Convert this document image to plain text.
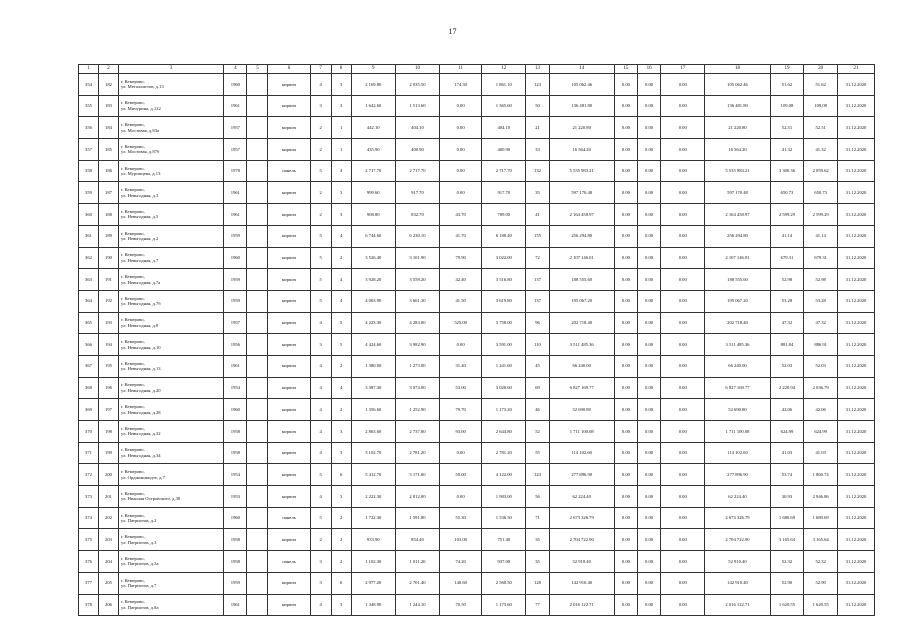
17
1	2	3	4	5	6	7	8	9	10	11	12	13	14	15	16	17	18	19	20	21
354	182	г. Кемерово,
ул. Металлистов, д.13	1960		кирпич	4	3	2 169.80	2 035.50	174.30	1 861.10	123	105 062.46	0.00	0.00	0.00	105 062.46	51.62	51.62	31.12.2020
355	183	г. Кемерово,
ул. Мичурина, д.132	1961		кирпич	3	3	1 642.60	1 513.60	0.00	1 365.60	50	136 481.80	0.00	0.00	0.00	136 481.80	109.08	109.08	31.12.2020
356	184	г. Кемерово,
ул. Мостовая, д.83а	1957		кирпич	2	1	442.10	404.10	0.00	404.10	21	21 220.80	0.00	0.00	0.00	21 220.80	52.51	52.51	31.12.2020
357	185	г. Кемерово,
ул. Мостовая, д.87б	1957		кирпич	2	1	435.90	400.90	0.00	400.90	33	16 564.20	0.00	0.00	0.00	16 564.20	41.32	41.32	31.12.2020
358	186	г. Кемерово,
ул. Муромцева, д.13	1978		панель	5	4	2 717.70	2 717.70	0.00	2 717.70	132	5 535 983.21	0.00	0.00	0.00	5 535 983.21	3 300.36	2 059.62	31.12.2020
359	187	г. Кемерово,
ул. Невьгодная, д.3	1961		кирпич	2	3	999.60	917.70	0.00	917.70	35	597 170.48	0.00	0.00	0.00	597 170.48	650.73	650.73	31.12.2020
360	188	г. Кемерово,
ул. Невьгодная, д.5	1961		кирпич	2	3	908.80	832.70	43.70	789.00	41	2 164 458.97	0.00	0.00	0.00	2 164 458.97	2 599.29	2 599.29	31.12.2020
361	189	г. Кемерово,
ул. Невьгодная, д.2	1959		кирпич	5	4	6 744.60	6 230.10	41.70	6 188.40	155	256 294.80	0.00	0.00	0.00	256 294.80	41.14	41.14	31.12.2020
362	190	г. Кемерово,
ул. Невьгодная, д.7	1960		кирпич	5	2	3 526.40	3 101.90	79.90	3 022.00	72	2 107 146.01	0.00	0.00	0.00	2 107 146.01	679.31	679.31	31.12.2020
363	191	г. Кемерово,
ул. Невьгодная, д.7а	1959		кирпич	5	4	3 928.20	3 559.20	42.40	3 516.80	137	188 555.60	0.00	0.00	0.00	188 555.60	52.98	52.98	31.12.2020
364	192	г. Кемерово,
ул. Невьгодная, д.7б	1959		кирпич	5	4	4 063.90	3 661.30	41.50	3 619.80	137	195 067.20	0.00	0.00	0.00	195 067.20	53.28	53.28	31.12.2020
365	193	г. Кемерово,
ул. Невьгодная, д.8	1957		кирпич	4	5	4 223.30	4 283.00	525.00	3 758.00	96	202 718.40	0.00	0.00	0.00	202 718.40	47.32	47.32	31.12.2020
366	194	г. Кемерово,
ул. Невьгодная, д.10	1956		кирпич	3	5	4 424.60	3 982.90	0.00	3 591.00	110	3 511 485.36	0.00	0.00	0.00	3 511 485.36	881.84	886.91	31.12.2020
367	195	г. Кемерово,
ул. Невьгодная, д.13	1961		кирпич	4	2	1 380.00	1 273.00	31.40	1 241.60	45	66 240.00	0.00	0.00	0.00	66 240.00	52.03	52.03	31.12.2020
368	196	г. Кемерово,
ул. Невьгодная, д.20	1954		кирпич	4	4	3 387.30	3 074.00	53.00	3 020.60	69	6 827 169.77	0.00	0.00	0.00	6 827 169.77	2 220.94	2 036.79	31.12.2020
369	197	г. Кемерово,
ул. Невьгодная, д.28	1960		кирпич	4	2	1 356.60	1 252.90	79.70	1 173.20	46	52 690.80	0.00	0.00	0.00	52 690.80	42.06	42.06	31.12.2020
370	198	г. Кемерово,
ул. Невьгодная, д.32	1958		кирпич	4	3	2 863.60	2 737.80	93.00	2 644.80	52	1 711 100.08	0.00	0.00	0.00	1 711 100.08	624.99	624.99	31.12.2020
371	199	г. Кемерово,
ул. Невьгодная, д.34	1958		кирпич	4	3	3 102.70	2 781.20	0.00	2 781.20	55	114 102.60	0.00	0.00	0.00	114 102.60	41.03	41.03	31.12.2020
372	200	г. Кемерово,
ул. Орджоникидзе, д.7	1954		кирпич	5	6	5 412.70	5 171.00	50.00	4 122.00	123	277 896.90	0.00	0.00	0.00	277 896.90	53.74	1 860.74	31.12.2020
373	201	г. Кемерово,
ул. Николая Островского, д.30	1953		кирпич	4	3	2 222.30	2 012.00	0.00	1 983.00	56	62 224.40	0.00	0.00	0.00	62 224.40	30.93	2 946.86	31.12.2020
374	202	г. Кемерово,
ул. Патриотов, д.2	1960		панель	5	2	1 722.30	1 591.80	55.30	1 536.50	71	2 673 326.79	0.00	0.00	0.00	2 673 326.79	1 680.69	1 680.69	31.12.2020
375	203	г. Кемерово,
ул. Патриотов, д.3	1958		кирпич	2	2	933.90	854.40	103.00	751.40	35	2 704 722.90	0.00	0.00	0.00	2 704 722.90	3 165.64	3 165.64	31.12.2020
376	204	г. Кемерово,
ул. Патриотов, д.3а	1958		панель	3	2	1 102.30	1 011.20	74.20	937.00	35	52 910.40	0.00	0.00	0.00	52 910.40	52.32	52.32	31.12.2020
377	205	г. Кемерово,
ул. Патриотов, д.7	1959		кирпич	3	6	2 977.20	2 701.40	140.60	2 560.50	128	142 910.40	0.00	0.00	0.00	142 910.40	52.90	52.90	31.12.2020
378	206	г. Кемерово,
ул. Патриотов, д.8а	1961		кирпич	4	3	1 348.90	1 244.10	70.50	1 173.60	77	2 016 122.71	0.00	0.00	0.00	2 016 122.71	1 620.55	1 620.55	31.12.2020
